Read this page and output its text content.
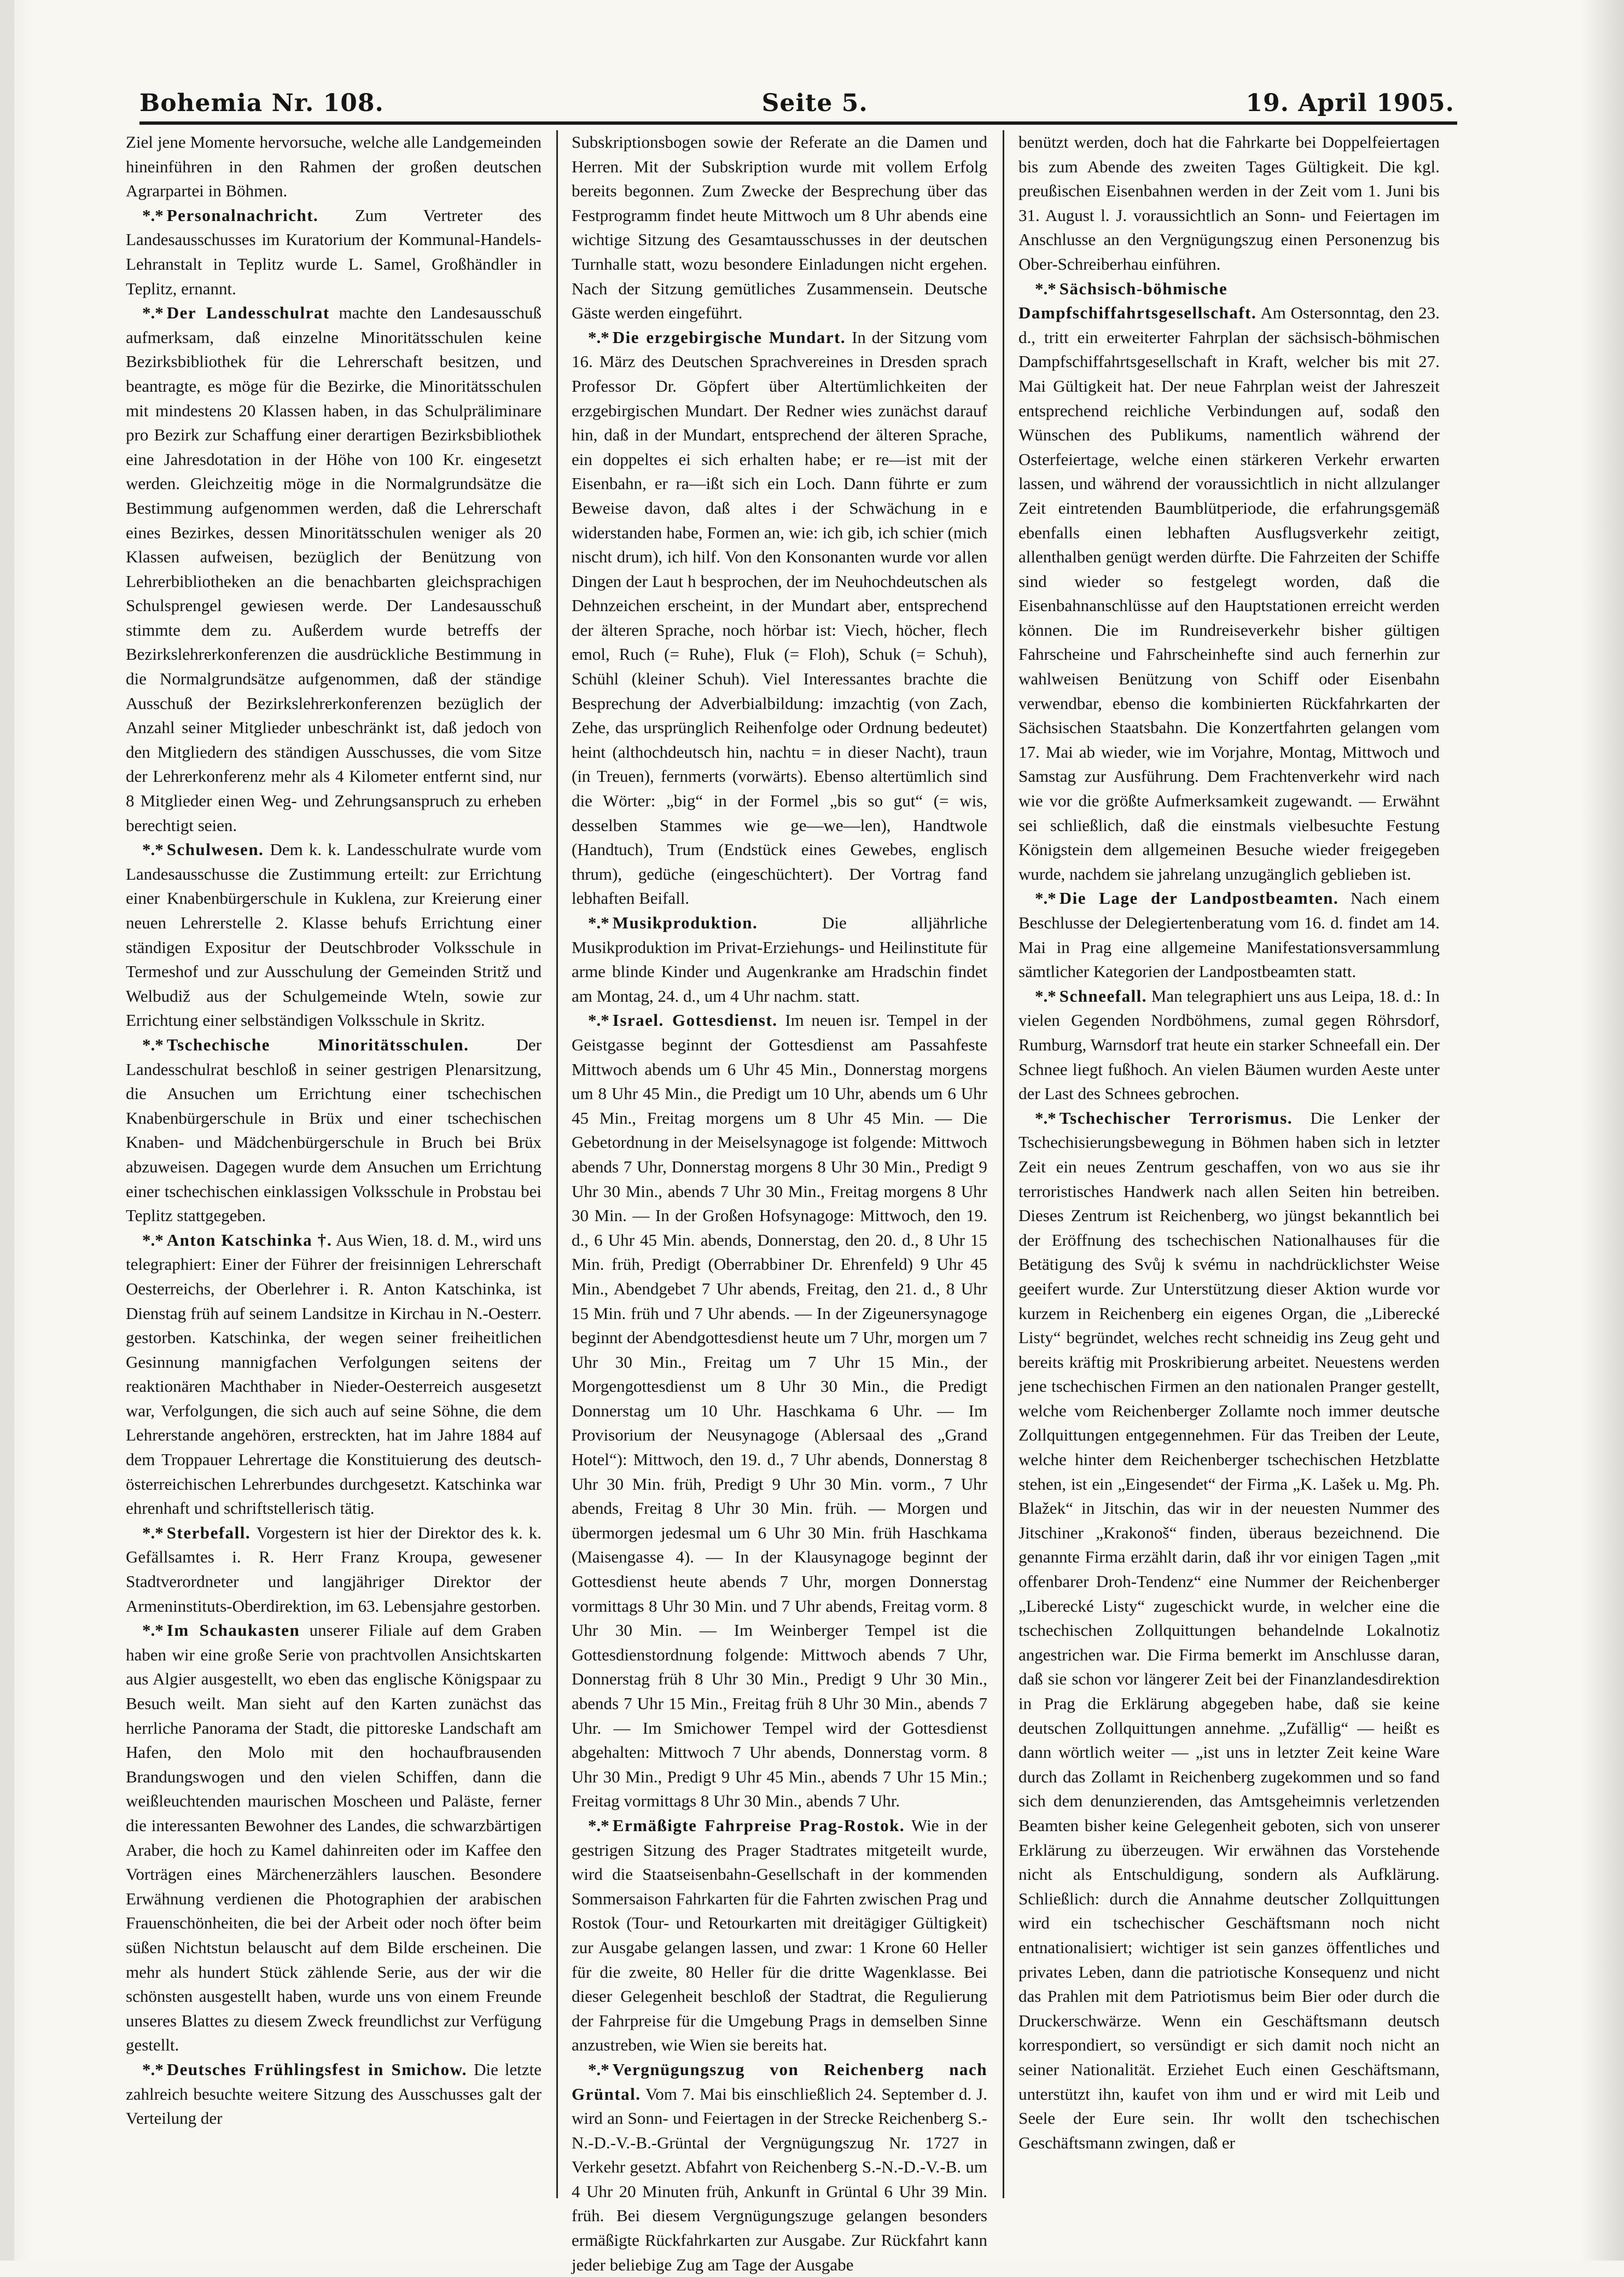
Bohemia Nr. 108.	Seite 5.	19. April 1905.

Ziel jene Momente hervorsuche, welche alle Landgemeinden hineinführen in den Rahmen der großen deutschen Agrarpartei in Böhmen.

*.* Personalnachricht. Zum Vertreter des Landesausschusses im Kuratorium der Kommunal-Handels-Lehranstalt in Teplitz wurde L. Samel, Großhändler in Teplitz, ernannt.

*.* Der Landesschulrat machte den Landesausschuß aufmerksam, daß einzelne Minoritätsschulen keine Bezirksbibliothek für die Lehrerschaft besitzen, und beantragte, es möge für die Bezirke, die Minoritätsschulen mit mindestens 20 Klassen haben, in das Schulpräliminare pro Bezirk zur Schaffung einer derartigen Bezirksbibliothek eine Jahresdotation in der Höhe von 100 Kr. eingesetzt werden. Gleichzeitig möge in die Normalgrundsätze die Bestimmung aufgenommen werden, daß die Lehrerschaft eines Bezirkes, dessen Minoritätsschulen weniger als 20 Klassen aufweisen, bezüglich der Benützung von Lehrerbibliotheken an die benachbarten gleichsprachigen Schulsprengel gewiesen werde. Der Landesausschuß stimmte dem zu. Außerdem wurde betreffs der Bezirkslehrerkonferenzen die ausdrückliche Bestimmung in die Normalgrundsätze aufgenommen, daß der ständige Ausschuß der Bezirkslehrerkonferenzen bezüglich der Anzahl seiner Mitglieder unbeschränkt ist, daß jedoch von den Mitgliedern des ständigen Ausschusses, die vom Sitze der Lehrerkonferenz mehr als 4 Kilometer entfernt sind, nur 8 Mitglieder einen Weg- und Zehrungsanspruch zu erheben berechtigt seien.

*.* Schulwesen. Dem k. k. Landesschulrate wurde vom Landesausschusse die Zustimmung erteilt: zur Errichtung einer Knabenbürgerschule in Kuklena, zur Kreierung einer neuen Lehrerstelle 2. Klasse behufs Errichtung einer ständigen Expositur der Deutschbroder Volksschule in Termeshof und zur Ausschulung der Gemeinden Stritž und Welbudiž aus der Schulgemeinde Wteln, sowie zur Errichtung einer selbständigen Volksschule in Skritz.

*.* Tschechische Minoritätsschulen.	Der Landesschulrat beschloß in seiner gestrigen Plenarsitzung, die Ansuchen um Errichtung einer tschechischen Knabenbürgerschule in Brüx und einer tschechischen Knaben- und Mädchenbürgerschule in Bruch bei Brüx abzuweisen. Dagegen wurde dem Ansuchen um Errichtung einer tschechischen einklassigen Volksschule in Probstau bei Teplitz stattgegeben.

*.* Anton Katschinka †. Aus Wien, 18. d. M., wird uns telegraphiert: Einer der Führer der freisinnigen Lehrerschaft Oesterreichs, der Oberlehrer i. R. Anton Katschinka, ist Dienstag früh auf seinem Landsitze in Kirchau in N.-Oesterr. gestorben. Katschinka, der wegen seiner freiheitlichen Gesinnung mannigfachen Verfolgungen seitens der reaktionären Machthaber in Nieder-Oesterreich ausgesetzt war, Verfolgungen, die sich auch auf seine Söhne, die dem Lehrerstande angehören, erstreckten, hat im Jahre 1884 auf dem Troppauer Lehrertage die Konstituierung des deutsch-österreichischen Lehrerbundes durchgesetzt. Katschinka war ehrenhaft und schriftstellerisch tätig.

*.* Sterbefall. Vorgestern ist hier der Direktor des k. k. Gefällsamtes i. R. Herr Franz Kroupa, gewesener Stadtverordneter und langjähriger Direktor der Armeninstituts-Oberdirektion, im 63. Lebensjahre gestorben.

*.* Im Schaukasten unserer Filiale auf dem Graben haben wir eine große Serie von prachtvollen Ansichtskarten aus Algier ausgestellt, wo eben das englische Königspaar zu Besuch weilt. Man sieht auf den Karten zunächst das herrliche Panorama der Stadt, die pittoreske Landschaft am Hafen, den Molo mit den hochaufbrausenden Brandungswogen und den vielen Schiffen, dann die weißleuchtenden maurischen Moscheen und Paläste, ferner die interessanten Bewohner des Landes, die schwarzbärtigen Araber, die hoch zu Kamel dahinreiten oder im Kaffee den Vorträgen eines Märchenerzählers lauschen. Besondere Erwähnung verdienen die Photographien der arabischen Frauenschönheiten, die bei der Arbeit oder noch öfter beim süßen Nichtstun belauscht auf dem Bilde erscheinen. Die mehr als hundert Stück zählende Serie, aus der wir die schönsten ausgestellt haben, wurde uns von einem Freunde unseres Blattes zu diesem Zweck freundlichst zur Verfügung gestellt.

*.* Deutsches Frühlingsfest in Smichow. Die letzte zahlreich besuchte weitere Sitzung des Ausschusses galt der Verteilung der

Subskriptionsbogen sowie der Referate an die Damen und Herren. Mit der Subskription wurde mit vollem Erfolg bereits begonnen. Zum Zwecke der Besprechung über das Festprogramm findet heute Mittwoch um 8 Uhr abends eine wichtige Sitzung des Gesamtausschusses in der deutschen Turnhalle statt, wozu besondere Einladungen nicht ergehen. Nach der Sitzung gemütliches Zusammensein. Deutsche Gäste werden eingeführt.

*.* Die erzgebirgische Mundart. In der Sitzung vom 16. März des Deutschen Sprachvereines in Dresden sprach Professor Dr. Göpfert über Altertümlichkeiten der erzgebirgischen Mundart. Der Redner wies zunächst darauf hin, daß in der Mundart, entsprechend der älteren Sprache, ein doppeltes ei sich erhalten habe; er re—ist mit der Eisenbahn, er ra—ißt sich ein Loch. Dann führte er zum Beweise davon, daß altes i der Schwächung in e widerstanden habe, Formen an, wie: ich gib, ich schier (mich nischt drum), ich hilf. Von den Konsonanten wurde vor allen Dingen der Laut h besprochen, der im Neuhochdeutschen als Dehnzeichen erscheint, in der Mundart aber, entsprechend der älteren Sprache, noch hörbar ist: Viech, höcher, flech emol, Ruch (= Ruhe), Fluk (= Floh), Schuk (= Schuh), Schühl (kleiner Schuh). Viel Interessantes brachte die Besprechung der Adverbialbildung: imzachtig (von Zach, Zehe, das ursprünglich Reihenfolge oder Ordnung bedeutet) heint (althochdeutsch hin, nachtu = in dieser Nacht), traun (in Treuen), fernmerts (vorwärts). Ebenso altertümlich sind die Wörter: „big“ in der Formel „bis so gut“ (= wis, desselben Stammes wie ge—we—len), Handtwole (Handtuch), Trum (Endstück eines Gewebes, englisch thrum), gedüche (eingeschüchtert). Der Vortrag fand lebhaften Beifall.

*.* Musikproduktion.	Die alljährliche Musikproduktion im Privat-Erziehungs- und Heilinstitute für arme blinde Kinder und Augenkranke am Hradschin findet am Montag, 24. d., um 4 Uhr nachm. statt.

*.* Israel. Gottesdienst. Im neuen isr. Tempel in der Geistgasse beginnt der Gottesdienst am Passahfeste Mittwoch abends um 6 Uhr 45 Min., Donnerstag morgens um 8 Uhr 45 Min., die Predigt um 10 Uhr, abends um 6 Uhr 45 Min., Freitag morgens um 8 Uhr 45 Min. — Die Gebetordnung in der Meiselsynagoge ist folgende: Mittwoch abends 7 Uhr, Donnerstag morgens 8 Uhr 30 Min., Predigt 9 Uhr 30 Min., abends 7 Uhr 30 Min., Freitag morgens 8 Uhr 30 Min. — In der Großen Hofsynagoge: Mittwoch, den 19. d., 6 Uhr 45 Min. abends, Donnerstag, den 20. d., 8 Uhr 15 Min. früh, Predigt (Oberrabbiner Dr. Ehrenfeld) 9 Uhr 45 Min., Abendgebet 7 Uhr abends, Freitag, den 21. d., 8 Uhr 15 Min. früh und 7 Uhr abends. — In der Zigeunersynagoge beginnt der Abendgottesdienst heute um 7 Uhr, morgen um 7 Uhr 30 Min., Freitag um 7 Uhr 15 Min., der Morgengottesdienst um 8 Uhr 30 Min., die Predigt Donnerstag um 10 Uhr. Haschkama 6 Uhr. — Im Provisorium der Neusynagoge (Ablersaal des „Grand Hotel“): Mittwoch, den 19. d., 7 Uhr abends, Donnerstag 8 Uhr 30 Min. früh, Predigt 9 Uhr 30 Min. vorm., 7 Uhr abends, Freitag 8 Uhr 30 Min. früh. — Morgen und übermorgen jedesmal um 6 Uhr 30 Min. früh Haschkama (Maisengasse 4). — In der Klausynagoge beginnt der Gottesdienst heute abends 7 Uhr, morgen Donnerstag vormittags 8 Uhr 30 Min. und 7 Uhr abends, Freitag vorm. 8 Uhr 30 Min. — Im Weinberger Tempel ist die Gottesdienstordnung folgende: Mittwoch abends 7 Uhr, Donnerstag früh 8 Uhr 30 Min., Predigt 9 Uhr 30 Min., abends 7 Uhr 15 Min., Freitag früh 8 Uhr 30 Min., abends 7 Uhr. — Im Smichower Tempel wird der Gottesdienst abgehalten: Mittwoch 7 Uhr abends, Donnerstag vorm. 8 Uhr 30 Min., Predigt 9 Uhr 45 Min., abends 7 Uhr 15 Min.; Freitag vormittags 8 Uhr 30 Min., abends 7 Uhr.

*.* Ermäßigte Fahrpreise Prag-Rostok. Wie in der gestrigen Sitzung des Prager Stadtrates mitgeteilt wurde, wird die Staatseisenbahn-Gesellschaft in der kommenden Sommersaison Fahrkarten für die Fahrten zwischen Prag und Rostok (Tour- und Retourkarten mit dreitägiger Gültigkeit) zur Ausgabe gelangen lassen, und zwar: 1 Krone 60 Heller für die zweite, 80 Heller für die dritte Wagenklasse. Bei dieser Gelegenheit beschloß der Stadtrat, die Regulierung der Fahrpreise für die Umgebung Prags in demselben Sinne anzustreben, wie Wien sie bereits hat.

*.* Vergnügungszug von Reichenberg nach Grüntal. Vom 7. Mai bis einschließlich 24. September d. J. wird an Sonn- und Feiertagen in der Strecke Reichenberg S.-N.-D.-V.-B.-Grüntal der Vergnügungszug Nr. 1727 in Verkehr gesetzt. Abfahrt von Reichenberg S.-N.-D.-V.-B. um 4 Uhr 20 Minuten früh, Ankunft in Grüntal 6 Uhr 39 Min. früh. Bei diesem Vergnügungszuge gelangen besonders ermäßigte Rückfahrkarten zur Ausgabe. Zur Rückfahrt kann jeder beliebige Zug am Tage der Ausgabe

benützt werden, doch hat die Fahrkarte bei Doppelfeiertagen bis zum Abende des zweiten Tages Gültigkeit. Die kgl. preußischen Eisenbahnen werden in der Zeit vom 1. Juni bis 31. August l. J. voraussichtlich an Sonn- und Feiertagen im Anschlusse an den Vergnügungszug einen Personenzug bis Ober-Schreiberhau einführen.

*.* Sächsisch-böhmische Dampfschiffahrtsgesellschaft. Am Ostersonntag, den 23. d., tritt ein erweiterter Fahrplan der sächsisch-böhmischen Dampfschiffahrtsgesellschaft in Kraft, welcher bis mit 27. Mai Gültigkeit hat. Der neue Fahrplan weist der Jahreszeit entsprechend reichliche Verbindungen auf, sodaß den Wünschen des Publikums, namentlich während der Osterfeiertage, welche einen stärkeren Verkehr erwarten lassen, und während der voraussichtlich in nicht allzulanger Zeit eintretenden Baumblütperiode, die erfahrungsgemäß ebenfalls einen lebhaften Ausflugsverkehr zeitigt, allenthalben genügt werden dürfte. Die Fahrzeiten der Schiffe sind wieder so festgelegt worden, daß die Eisenbahnanschlüsse auf den Hauptstationen erreicht werden können. Die im Rundreiseverkehr bisher gültigen Fahrscheine und Fahrscheinhefte sind auch fernerhin zur wahlweisen Benützung von Schiff oder Eisenbahn verwendbar, ebenso die kombinierten Rückfahrkarten der Sächsischen Staatsbahn. Die Konzertfahrten gelangen vom 17. Mai ab wieder, wie im Vorjahre, Montag, Mittwoch und Samstag zur Ausführung. Dem Frachtenverkehr wird nach wie vor die größte Aufmerksamkeit zugewandt. — Erwähnt sei schließlich, daß die einstmals vielbesuchte Festung Königstein dem allgemeinen Besuche wieder freigegeben wurde, nachdem sie jahrelang unzugänglich geblieben ist.

*.* Die Lage der Landpostbeamten. Nach einem Beschlusse der Delegiertenberatung vom 16. d. findet am 14. Mai in Prag eine allgemeine Manifestationsversammlung sämtlicher Kategorien der Landpostbeamten statt.

*.* Schneefall. Man telegraphiert uns aus Leipa, 18. d.: In vielen Gegenden Nordböhmens, zumal gegen Röhrsdorf, Rumburg, Warnsdorf trat heute ein starker Schneefall ein. Der Schnee liegt fußhoch. An vielen Bäumen wurden Aeste unter der Last des Schnees gebrochen.

*.* Tschechischer Terrorismus. Die Lenker der Tschechisierungsbewegung in Böhmen haben sich in letzter Zeit ein neues Zentrum geschaffen, von wo aus sie ihr terroristisches Handwerk nach allen Seiten hin betreiben. Dieses Zentrum ist Reichenberg, wo jüngst bekanntlich bei der Eröffnung des tschechischen Nationalhauses für die Betätigung des Svůj k svému in nachdrücklichster Weise geeifert wurde. Zur Unterstützung dieser Aktion wurde vor kurzem in Reichenberg ein eigenes Organ, die „Liberecké Listy“ begründet, welches recht schneidig ins Zeug geht und bereits kräftig mit Proskribierung arbeitet. Neuestens werden jene tschechischen Firmen an den nationalen Pranger gestellt, welche vom Reichenberger Zollamte noch immer deutsche Zollquittungen entgegennehmen. Für das Treiben der Leute, welche hinter dem Reichenberger tschechischen Hetzblatte stehen, ist ein „Eingesendet“ der Firma „K. Lašek u. Mg. Ph. Blažek“ in Jitschin, das wir in der neuesten Nummer des Jitschiner „Krakonoš“ finden, überaus bezeichnend. Die genannte Firma erzählt darin, daß ihr vor einigen Tagen „mit offenbarer Droh-Tendenz“ eine Nummer der Reichenberger „Liberecké Listy“ zugeschickt wurde, in welcher eine die tschechischen Zollquittungen behandelnde Lokalnotiz angestrichen war. Die Firma bemerkt im Anschlusse daran, daß sie schon vor längerer Zeit bei der Finanzlandesdirektion in Prag die Erklärung abgegeben habe, daß sie keine deutschen Zollquittungen annehme. „Zufällig“ — heißt es dann wörtlich weiter — „ist uns in letzter Zeit keine Ware durch das Zollamt in Reichenberg zugekommen und so fand sich dem denunzierenden, das Amtsgeheimnis verletzenden Beamten bisher keine Gelegenheit geboten, sich von unserer Erklärung zu überzeugen. Wir erwähnen das Vorstehende nicht als Entschuldigung, sondern als Aufklärung. Schließlich: durch die Annahme deutscher Zollquittungen wird ein tschechischer Geschäftsmann noch nicht entnationalisiert; wichtiger ist sein ganzes öffentliches und privates Leben, dann die patriotische Konsequenz und nicht das Prahlen mit dem Patriotismus beim Bier oder durch die Druckerschwärze. Wenn ein Geschäftsmann deutsch korrespondiert, so versündigt er sich damit noch nicht an seiner Nationalität. Erziehet Euch einen Geschäftsmann, unterstützt ihn, kaufet von ihm und er wird mit Leib und Seele der Eure sein. Ihr wollt den tschechischen Geschäftsmann zwingen, daß er
